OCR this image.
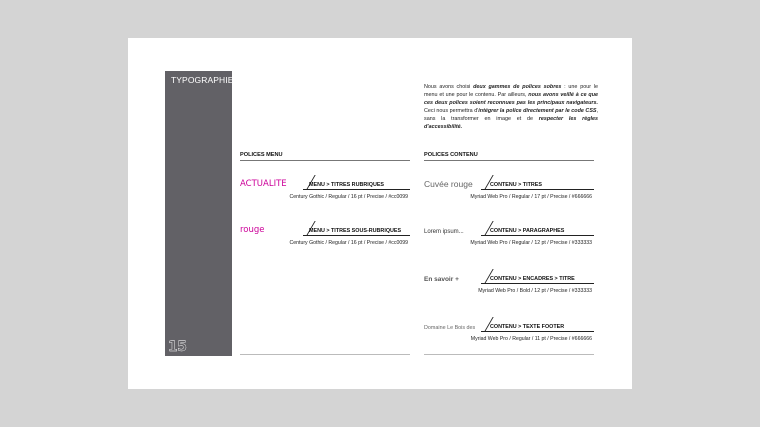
TYPOGRAPHIE
15
Nous avons choisi deux gammes de polices sobres : une pour le menu et une pour le contenu. Par ailleurs, nous avons veillé à ce que ces deux polices soient reconnues pas les principaux navigateurs. Ceci nous permettra d'intégrer la police directement par le code CSS, sans la transformer en image et de respecter les règles d'accessibilité.
POLICES MENU
ACTUALITE	MENU > TITRES RUBRIQUES
Century Gothic / Regular / 16 pt / Precise / #cc0099
rouge	MENU > TITRES SOUS-RUBRIQUES
Century Gothic / Regular / 16 pt / Precise / #cc0099
POLICES CONTENU
Cuvée rouge	CONTENU > TITRES
Myriad Web Pro / Regular / 17 pt / Precise / #666666
Lorem ipsum...	CONTENU > PARAGRAPHES
Myriad Web Pro / Regular / 12 pt / Precise / #333333
En savoir +	CONTENU > ENCADRES > TITRE
Myriad Web Pro / Bold / 12 pt / Precise / #333333
Domaine Le Bois des	CONTENU > TEXTE FOOTER
Myriad Web Pro / Regular / 11 pt / Precise / #666666
